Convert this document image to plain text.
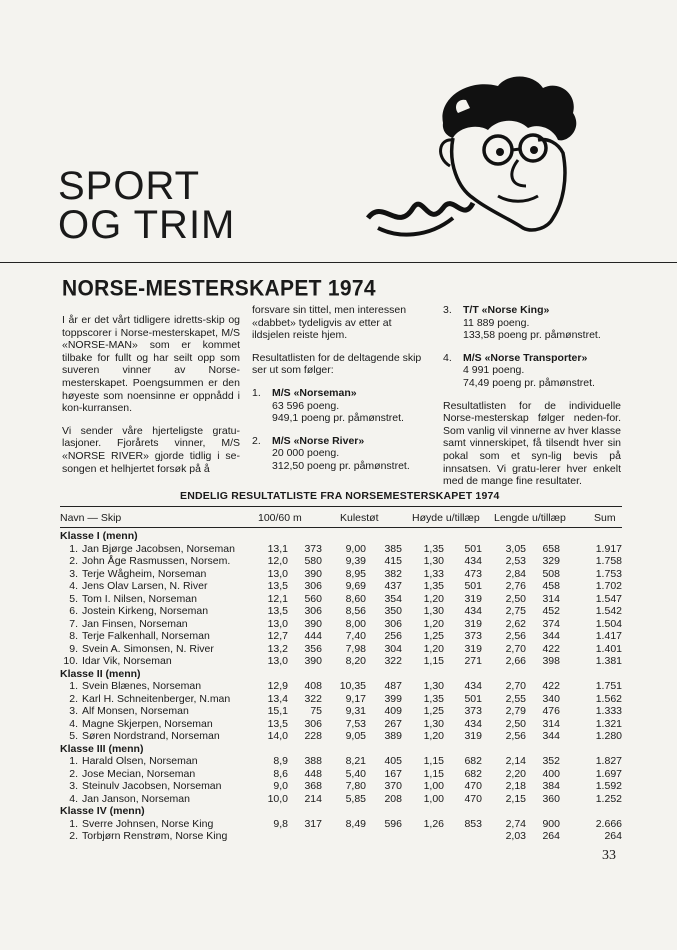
SPORT
OG TRIM
NORSE-MESTERSKAPET 1974

I år er det vårt tidligere idretts-skip og toppscorer i Norse-mesterskapet, M/S «NORSE-MAN» som er kommet tilbake for fullt og har seilt opp som suveren vinner av Norse-mesterskapet. Poengsummen er den høyeste som noensinne er oppnådd i kon-kurransen.

Vi sender våre hjerteligste gratu-lasjoner. Fjorårets vinner, M/S «NORSE RIVER» gjorde tidlig i se-songen et helhjertet forsøk på å

forsvare sin tittel, men interessen «dabbet» tydeligvis av etter at ildsjelen reiste hjem.

Resultatlisten for de deltagende skip ser ut som følger:

1. M/S «Norseman»
63 596 poeng.
949,1 poeng pr. påmønstret.
2. M/S «Norse River»
20 000 poeng.
312,50 poeng pr. påmønstret.
3. T/T «Norse King»
11 889 poeng.
133,58 poeng pr. påmønstret.
4. M/S «Norse Transporter»
4 991 poeng.
74,49 poeng pr. påmønstret.

Resultatlisten for de individuelle Norse-mesterskap følger neden-for. Som vanlig vil vinnerne av hver klasse samt vinnerskipet, få tilsendt hver sin pokal som et syn-lig bevis på innsatsen. Vi gratu-lerer hver enkelt med de mange fine resultater.

ENDELIG RESULTATLISTE FRA NORSEMESTERSKAPET 1974
Navn — Skip	100/60 m	Kulestøt	Høyde u/tillæp Lengde u/tillæp	Sum
Klasse I (menn)										
1.	Jan Bjørge Jacobsen, Norseman	13,1	373	9,00	385	1,35	501	3,05	658	1.917
2.	John Åge Rasmussen, Norsem.	12,0	580	9,39	415	1,30	434	2,53	329	1.758
3.	Terje Wågheim, Norseman	13,0	390	8,95	382	1,33	473	2,84	508	1.753
4.	Jens Olav Larsen, N. River	13,5	306	9,69	437	1,35	501	2,76	458	1.702
5.	Tom I. Nilsen, Norseman	12,1	560	8,60	354	1,20	319	2,50	314	1.547
6.	Jostein Kirkeng, Norseman	13,5	306	8,56	350	1,30	434	2,75	452	1.542
7.	Jan Finsen, Norseman	13,0	390	8,00	306	1,20	319	2,62	374	1.504
8.	Terje Falkenhall, Norseman	12,7	444	7,40	256	1,25	373	2,56	344	1.417
9.	Svein A. Simonsen, N. River	13,2	356	7,98	304	1,20	319	2,70	422	1.401
10.	Idar Vik, Norseman	13,0	390	8,20	322	1,15	271	2,66	398	1.381
Klasse II (menn)										
1.	Svein Blænes, Norseman	12,9	408	10,35	487	1,30	434	2,70	422	1.751
2.	Karl H. Schneitenberger, N.man	13,4	322	9,17	399	1,35	501	2,55	340	1.562
3.	Alf Monsen, Norseman	15,1	75	9,31	409	1,25	373	2,79	476	1.333
4.	Magne Skjerpen, Norseman	13,5	306	7,53	267	1,30	434	2,50	314	1.321
5.	Søren Nordstrand, Norseman	14,0	228	9,05	389	1,20	319	2,56	344	1.280
Klasse III (menn)										
1.	Harald Olsen, Norseman	8,9	388	8,21	405	1,15	682	2,14	352	1.827
2.	Jose Mecian, Norseman	8,6	448	5,40	167	1,15	682	2,20	400	1.697
3.	Steinulv Jacobsen, Norseman	9,0	368	7,80	370	1,00	470	2,18	384	1.592
4.	Jan Janson, Norseman	10,0	214	5,85	208	1,00	470	2,15	360	1.252
Klasse IV (menn)										
1.	Sverre Johnsen, Norse King	9,8	317	8,49	596	1,26	853	2,74	900	2.666
2.	Torbjørn Renstrøm, Norse King							2,03	264	264
33
